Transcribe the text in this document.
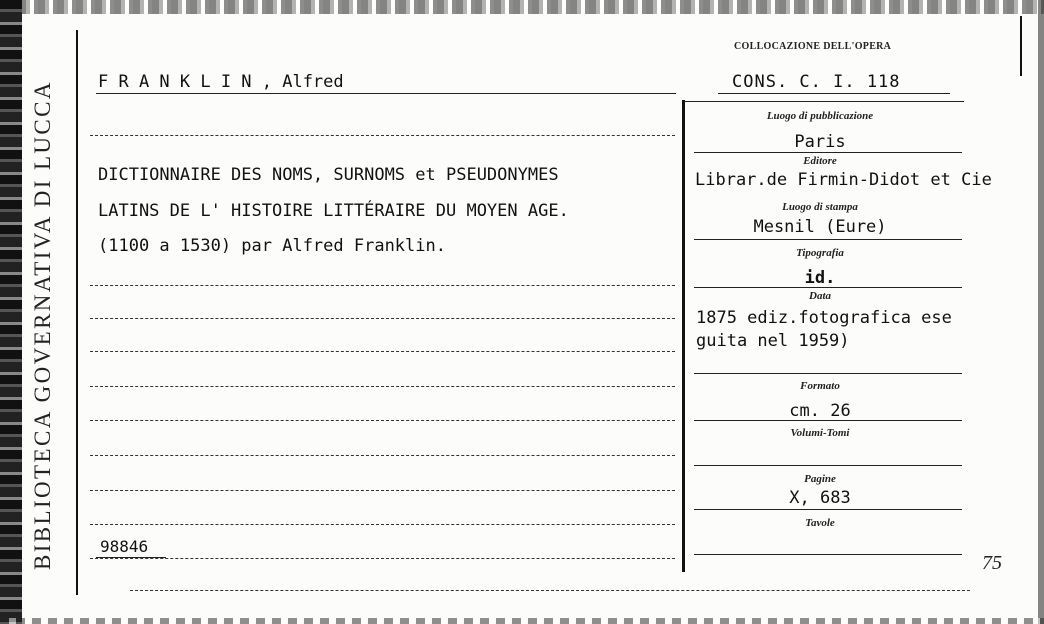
BIBLIOTECA GOVERNATIVA DI LUCCA
COLLOCAZIONE DELL'OPERA
CONS. C. I. 118
F R A N K L I N , Alfred
DICTIONNAIRE DES NOMS, SURNOMS et PSEUDONYMES
LATINS DE L' HISTOIRE LITTÉRAIRE DU MOYEN AGE.
(1100 a 1530) par Alfred Franklin.
98846
Luogo di pubblicazione
Paris
Editore
Librar.de Firmin-Didot et Cie
Luogo di stampa
Mesnil (Eure)
Tipografia
id.
Data
1875 ediz.fotografica ese
guita nel 1959)
Formato
cm. 26
Volumi-Tomi
Pagine
X, 683
Tavole
75
